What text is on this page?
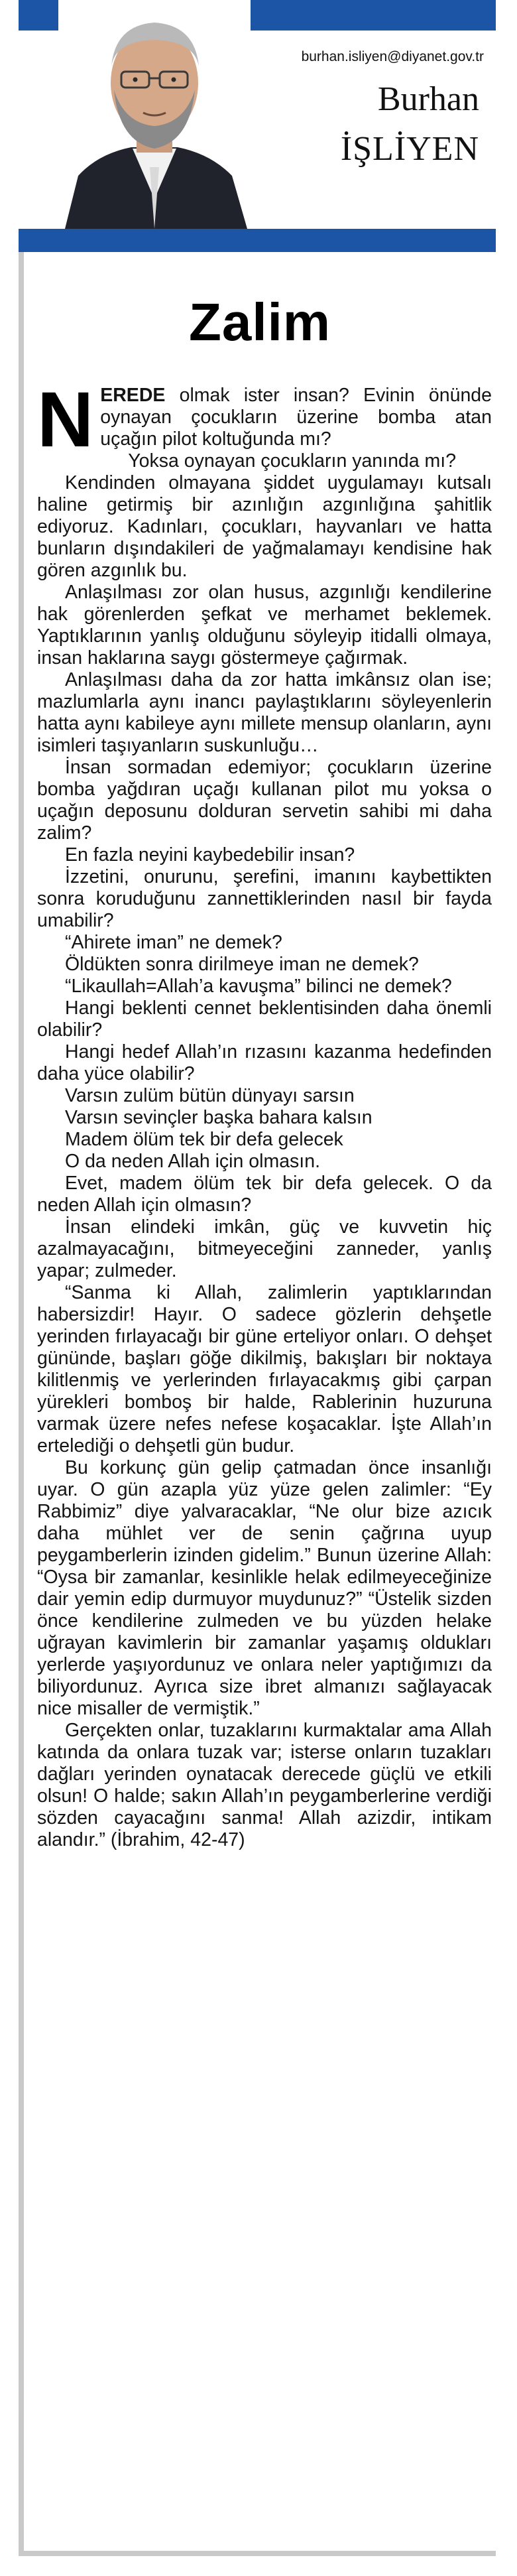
burhan.isliyen@diyanet.gov.tr
Burhan
İŞLİYEN
Zalim

NEREDE olmak ister insan? Evinin önünde oynayan çocukların üzerine bomba atan uçağın pilot koltuğunda mı?

Yoksa oynayan çocukların yanında mı?

Kendinden olmayana şiddet uygulamayı kutsalı haline getirmiş bir azınlığın azgınlığına şahitlik ediyoruz. Kadınları, çocukları, hayvanları ve hatta bunların dışındakileri de yağmalamayı kendisine hak gören azgınlık bu.

Anlaşılması zor olan husus, azgınlığı kendilerine hak görenlerden şefkat ve merhamet beklemek. Yaptıklarının yanlış olduğunu söyleyip itidalli olmaya, insan haklarına saygı göstermeye çağırmak.

Anlaşılması daha da zor hatta imkânsız olan ise; mazlumlarla aynı inancı paylaştıklarını söyleyenlerin hatta aynı kabileye aynı millete mensup olanların, aynı isimleri taşıyanların suskunluğu…

İnsan sormadan edemiyor; çocukların üzerine bomba yağdıran uçağı kullanan pilot mu yoksa o uçağın deposunu dolduran servetin sahibi mi daha zalim?

En fazla neyini kaybedebilir insan?

İzzetini, onurunu, şerefini, imanını kaybettikten sonra koruduğunu zannettiklerinden nasıl bir fayda umabilir?

“Ahirete iman” ne demek?

Öldükten sonra dirilmeye iman ne demek?

“Likaullah=Allah’a kavuşma” bilinci ne demek?

Hangi beklenti cennet beklentisinden daha önemli olabilir?

Hangi hedef Allah’ın rızasını kazanma hedefinden daha yüce olabilir?

Varsın zulüm bütün dünyayı sarsın

Varsın sevinçler başka bahara kalsın

Madem ölüm tek bir defa gelecek

O da neden Allah için olmasın.

Evet, madem ölüm tek bir defa gelecek. O da neden Allah için olmasın?

İnsan elindeki imkân, güç ve kuvvetin hiç azalmayacağını, bitmeyeceğini zanneder, yanlış yapar; zulmeder.

“Sanma ki Allah, zalimlerin yaptıklarından habersizdir! Hayır. O sadece gözlerin dehşetle yerinden fırlayacağı bir güne erteliyor onları. O dehşet gününde, başları göğe dikilmiş, bakışları bir noktaya kilitlenmiş ve yerlerinden fırlayacakmış gibi çarpan yürekleri bomboş bir halde, Rablerinin huzuruna varmak üzere nefes nefese koşacaklar. İşte Allah’ın ertelediği o dehşetli gün budur.

Bu korkunç gün gelip çatmadan önce insanlığı uyar. O gün azapla yüz yüze gelen zalimler: “Ey Rabbimiz” diye yalvaracaklar, “Ne olur bize azıcık daha mühlet ver de senin çağrına uyup peygamberlerin izinden gidelim.” Bunun üzerine Allah: “Oysa bir zamanlar, kesinlikle helak edilmeyeceğinize dair yemin edip durmuyor muydunuz?” “Üstelik sizden önce kendilerine zulmeden ve bu yüzden helake uğrayan kavimlerin bir zamanlar yaşamış oldukları yerlerde yaşıyordunuz ve onlara neler yaptığımızı da biliyordunuz. Ayrıca size ibret almanızı sağlayacak nice misaller de vermiştik.”

Gerçekten onlar, tuzaklarını kurmaktalar ama Allah katında da onlara tuzak var; isterse onların tuzakları dağları yerinden oynatacak derecede güçlü ve etkili olsun! O halde; sakın Allah’ın peygamberlerine verdiği sözden cayacağını sanma! Allah azizdir, intikam alandır.” (İbrahim, 42-47)
